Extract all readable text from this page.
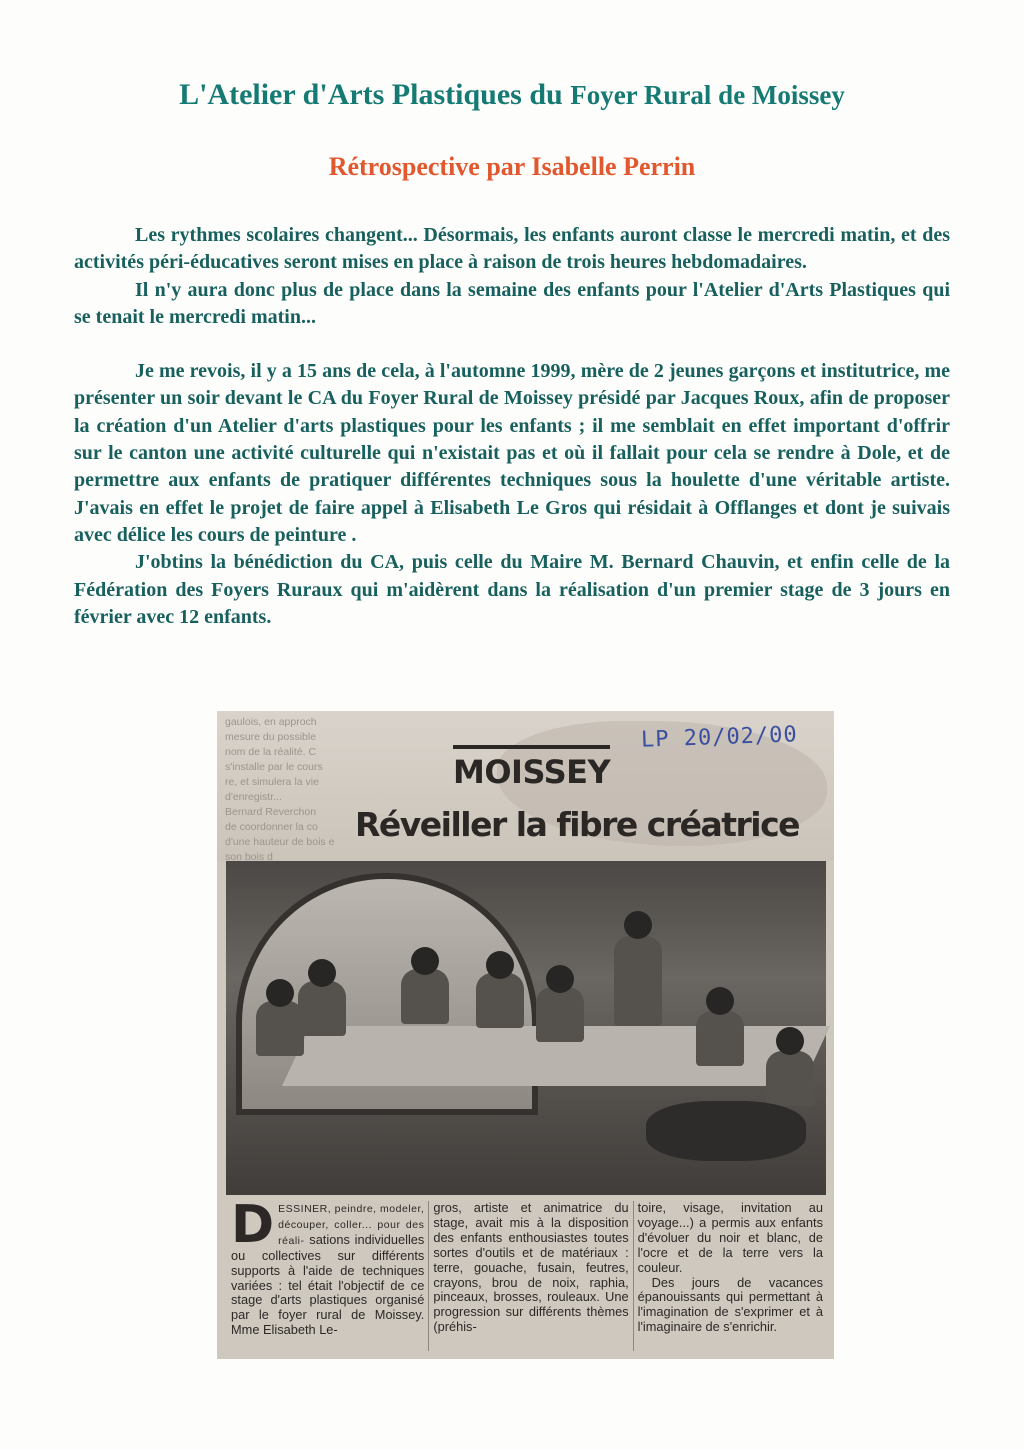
L'Atelier d'Arts Plastiques du Foyer Rural de Moissey
Rétrospective par Isabelle Perrin

Les rythmes scolaires changent... Désormais, les enfants auront classe le mercredi matin, et des activités péri-éducatives seront mises en place à raison de trois heures hebdomadaires.

Il n'y aura donc plus de place dans la semaine des enfants pour l'Atelier d'Arts Plastiques qui se tenait le mercredi matin...

Je me revois, il y a 15 ans de cela, à l'automne 1999, mère de 2 jeunes garçons et institutrice, me présenter un soir devant le CA du Foyer Rural de Moissey présidé par Jacques Roux, afin de proposer la création d'un Atelier d'arts plastiques pour les enfants ; il me semblait en effet important d'offrir sur le canton une activité culturelle qui n'existait pas et où il fallait pour cela se rendre à Dole, et de permettre aux enfants de pratiquer différentes techniques sous la houlette d'une véritable artiste. J'avais en effet le projet de faire appel à Elisabeth Le Gros qui résidait à Offlanges et dont je suivais avec délice les cours de peinture .

J'obtins la bénédiction du CA, puis celle du Maire M. Bernard Chauvin, et enfin celle de la Fédération des Foyers Ruraux qui m'aidèrent dans la réalisation d'un premier stage de 3 jours en février avec 12 enfants.

gaulois, en approch
mesure du possible
nom de la réalité. C
s'installe par le cours
re, et simulera la vie
d'enregistr...
Bernard Reverchon
de coordonner la co
d'une hauteur de bois e
son bois d
LP 20/02/00
MOISSEY
Réveiller la fibre créatrice
D ESSINER, peindre, modeler, découper, coller... pour des réali- sations individuelles ou collectives sur différents supports à l'aide de techniques variées : tel était l'objectif de ce stage d'arts plastiques organisé par le foyer rural de Moissey. Mme Elisabeth Le-
gros, artiste et animatrice du stage, avait mis à la disposition des enfants enthousiastes toutes sortes d'outils et de matériaux : terre, gouache, fusain, feutres, crayons, brou de noix, raphia, pinceaux, brosses, rouleaux. Une progression sur différents thèmes (préhis-
toire, visage, invitation au voyage...) a permis aux enfants d'évoluer du noir et blanc, de l'ocre et de la terre vers la couleur.
Des jours de vacances épanouissants qui permettant à l'imagination de s'exprimer et à l'imaginaire de s'enrichir.
